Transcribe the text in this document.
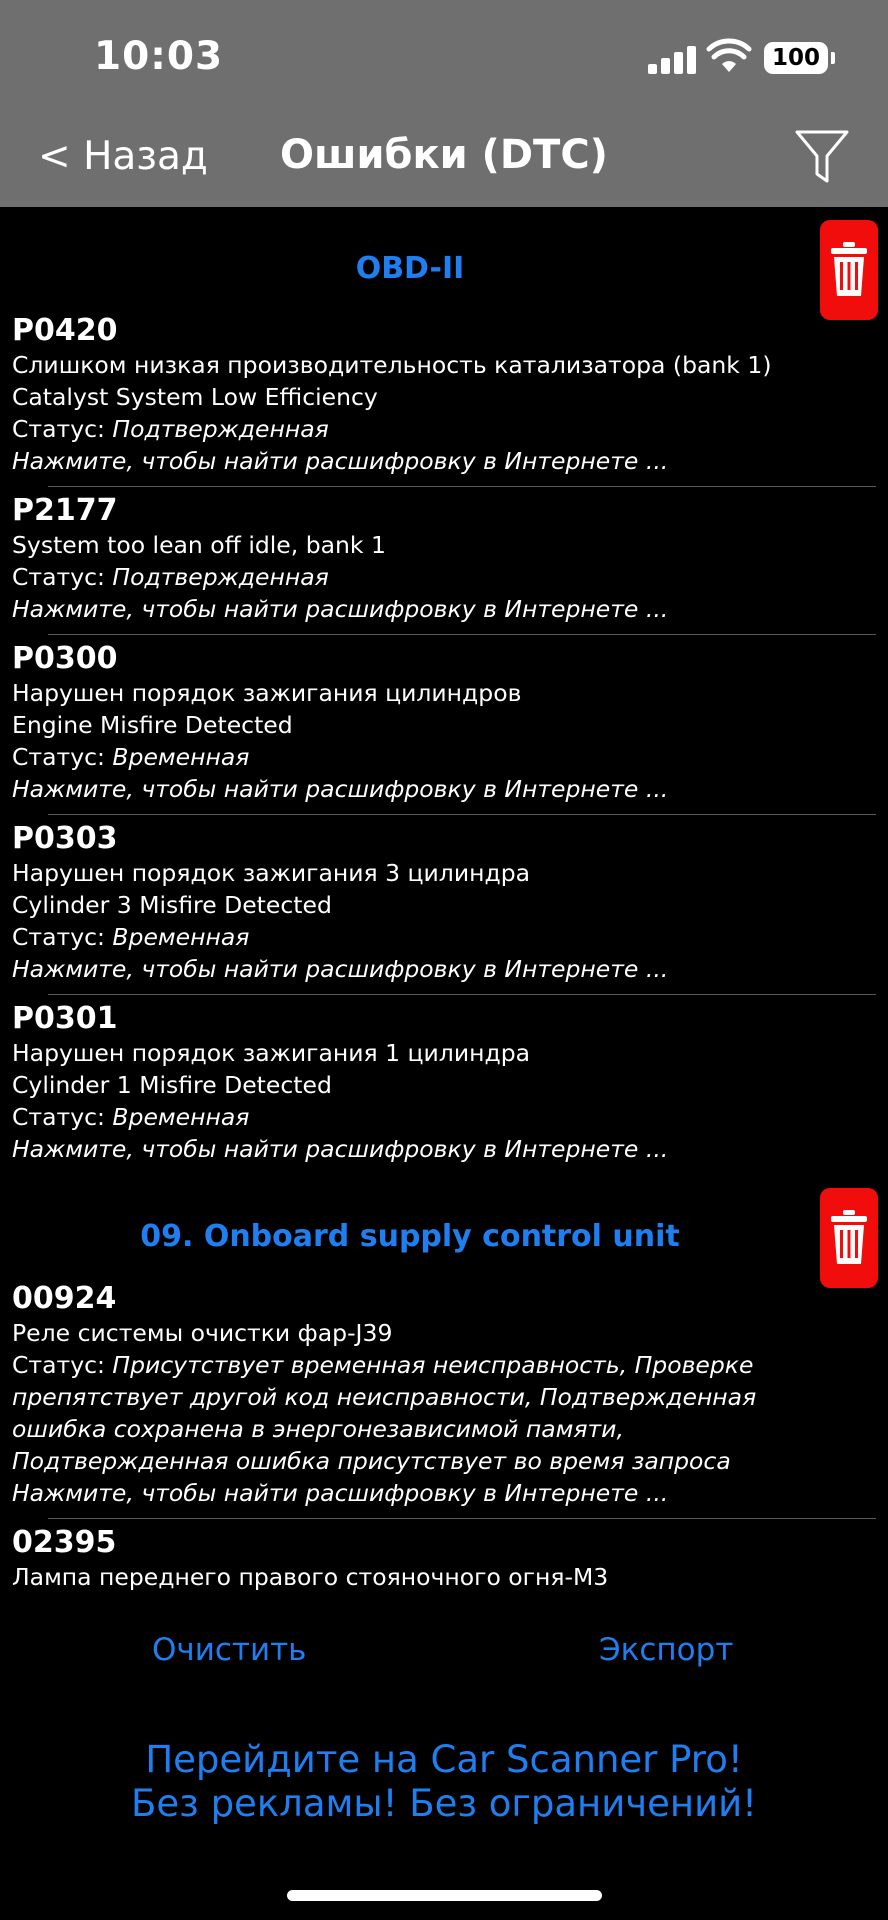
10:03	100
< Назад	Ошибки (DTC)
OBD-II
P0420
Слишком низкая производительность катализатора (bank 1)
Catalyst System Low Efficiency
Статус: Подтвержденная
Нажмите, чтобы найти расшифровку в Интернете ...
P2177
System too lean off idle, bank 1
Статус: Подтвержденная
Нажмите, чтобы найти расшифровку в Интернете ...
P0300
Нарушен порядок зажигания цилиндров
Engine Misfire Detected
Статус: Временная
Нажмите, чтобы найти расшифровку в Интернете ...
P0303
Нарушен порядок зажигания 3 цилиндра
Cylinder 3 Misfire Detected
Статус: Временная
Нажмите, чтобы найти расшифровку в Интернете ...
P0301
Нарушен порядок зажигания 1 цилиндра
Cylinder 1 Misfire Detected
Статус: Временная
Нажмите, чтобы найти расшифровку в Интернете ...
09. Onboard supply control unit
00924
Реле системы очистки фар-J39
Статус: Присутствует временная неисправность, Проверке препятствует другой код неисправности, Подтвержденная ошибка сохранена в энергонезависимой памяти, Подтвержденная ошибка присутствует во время запроса
Нажмите, чтобы найти расшифровку в Интернете ...
02395
Лампа переднего правого стояночного огня-M3
Очистить	Экспорт
Перейдите на Car Scanner Pro!
Без рекламы! Без ограничений!
